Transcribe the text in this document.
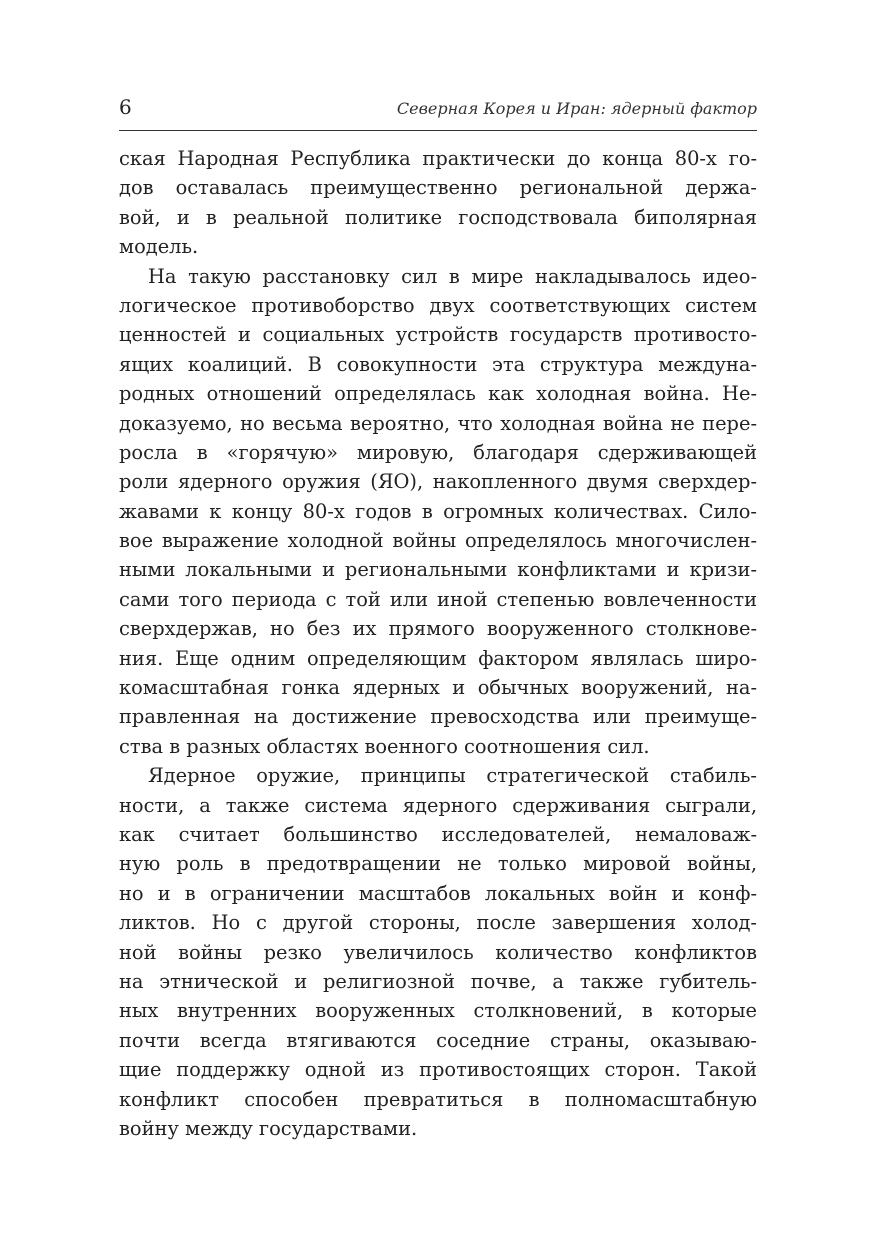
6	Северная Корея и Иран: ядерный фактор
ская Народная Республика практически до конца 80-х го-
дов оставалась преимущественно региональной держа-
вой, и в реальной политике господствовала биполярная
модель.
На такую расстановку сил в мире накладывалось идео-
логическое противоборство двух соответствующих систем
ценностей и социальных устройств государств противосто-
ящих коалиций. В совокупности эта структура междуна-
родных отношений определялась как холодная война. Не-
доказуемо, но весьма вероятно, что холодная война не пере-
росла в «горячую» мировую, благодаря сдерживающей
роли ядерного оружия (ЯО), накопленного двумя сверхдер-
жавами к концу 80-х годов в огромных количествах. Сило-
вое выражение холодной войны определялось многочислен-
ными локальными и региональными конфликтами и кризи-
сами того периода с той или иной степенью вовлеченности
сверхдержав, но без их прямого вооруженного столкнове-
ния. Еще одним определяющим фактором являлась широ-
комасштабная гонка ядерных и обычных вооружений, на-
правленная на достижение превосходства или преимуще-
ства в разных областях военного соотношения сил.
Ядерное оружие, принципы стратегической стабиль-
ности, а также система ядерного сдерживания сыграли,
как считает большинство исследователей, немаловаж-
ную роль в предотвращении не только мировой войны,
но и в ограничении масштабов локальных войн и конф-
ликтов. Но с другой стороны, после завершения холод-
ной войны резко увеличилось количество конфликтов
на этнической и религиозной почве, а также губитель-
ных внутренних вооруженных столкновений, в которые
почти всегда втягиваются соседние страны, оказываю-
щие поддержку одной из противостоящих сторон. Такой
конфликт способен превратиться в полномасштабную
войну между государствами.
